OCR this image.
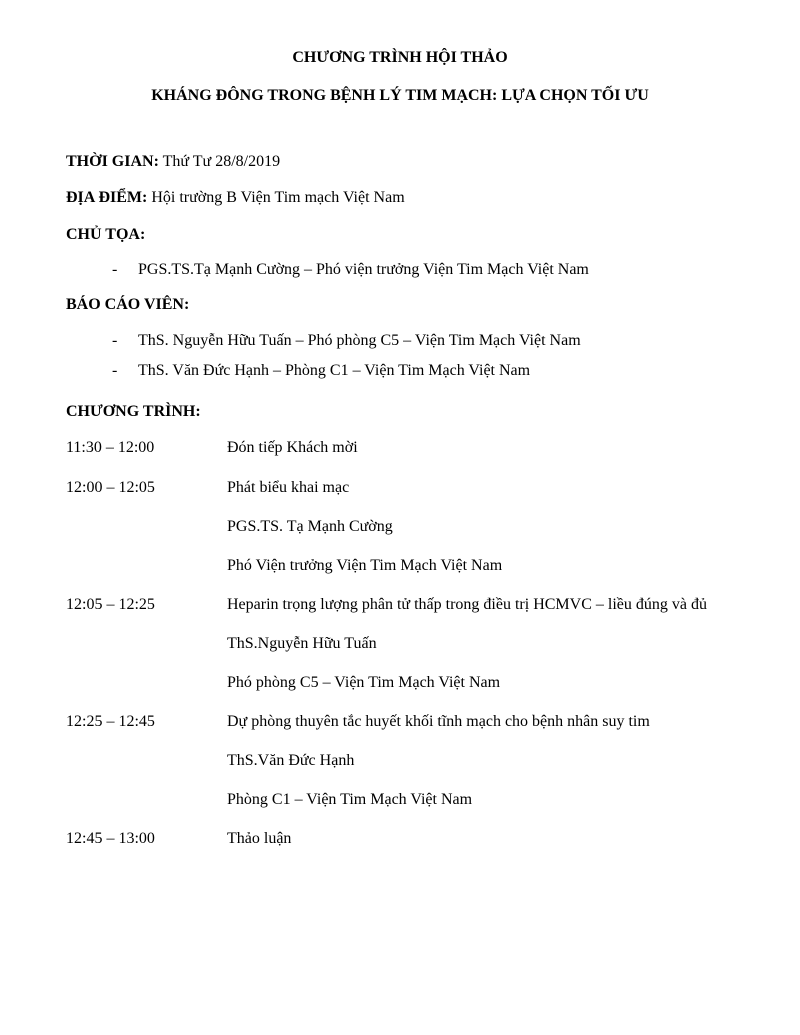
CHƯƠNG TRÌNH HỘI THẢO
KHÁNG ĐÔNG TRONG BỆNH LÝ TIM MẠCH: LỰA CHỌN TỐI ƯU
THỜI GIAN: Thứ Tư 28/8/2019
ĐỊA ĐIỂM: Hội trường B Viện Tim mạch Việt Nam
CHỦ TỌA:
- PGS.TS.Tạ Mạnh Cường – Phó viện trưởng Viện Tim Mạch Việt Nam
BÁO CÁO VIÊN:
- ThS. Nguyễn Hữu Tuấn – Phó phòng C5 – Viện Tim Mạch Việt Nam
- ThS. Văn Đức Hạnh – Phòng C1 – Viện Tim Mạch Việt Nam
CHƯƠNG TRÌNH:
11:30 – 12:00	Đón tiếp Khách mời
12:00 – 12:05	Phát biểu khai mạc
PGS.TS. Tạ Mạnh Cường
Phó Viện trưởng Viện Tim Mạch Việt Nam
12:05 – 12:25	Heparin trọng lượng phân tử thấp trong điều trị HCMVC – liều đúng và đủ
ThS.Nguyễn Hữu Tuấn
Phó phòng C5 – Viện Tim Mạch Việt Nam
12:25 – 12:45	Dự phòng thuyên tắc huyết khối tĩnh mạch cho bệnh nhân suy tim
ThS.Văn Đức Hạnh
Phòng C1 – Viện Tim Mạch Việt Nam
12:45 – 13:00	Thảo luận
